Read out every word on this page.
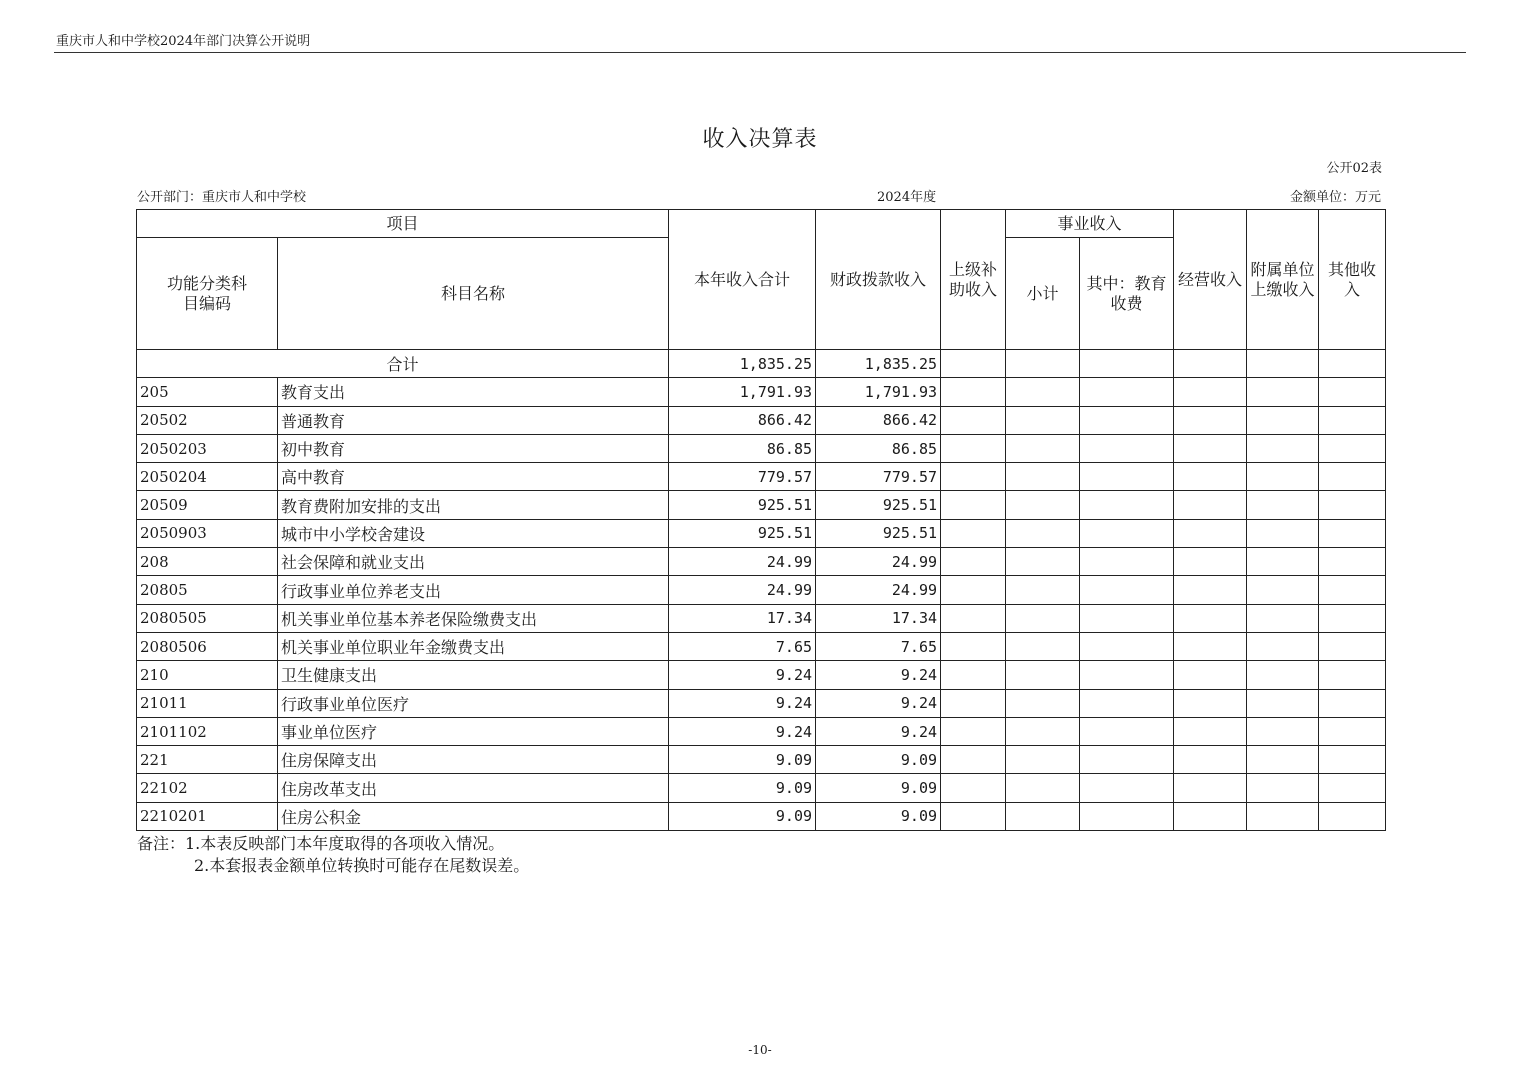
重庆市人和中学校2024年部门决算公开说明
收入决算表
公开02表
公开部门：重庆市人和中学校	2024年度	金额单位：万元
项目		本年收入合计	财政拨款收入	上级补助收入	事业收入		经营收入	附属单位上缴收入	其他收入
功能分类科目编码	科目名称				小计	其中：教育收费			
合计		1,835.25	1,835.25						
205	教育支出	1,791.93	1,791.93						
20502	普通教育	866.42	866.42						
2050203	初中教育	86.85	86.85						
2050204	高中教育	779.57	779.57						
20509	教育费附加安排的支出	925.51	925.51						
2050903	城市中小学校舍建设	925.51	925.51						
208	社会保障和就业支出	24.99	24.99						
20805	行政事业单位养老支出	24.99	24.99						
2080505	机关事业单位基本养老保险缴费支出	17.34	17.34						
2080506	机关事业单位职业年金缴费支出	7.65	7.65						
210	卫生健康支出	9.24	9.24						
21011	行政事业单位医疗	9.24	9.24						
2101102	事业单位医疗	9.24	9.24						
221	住房保障支出	9.09	9.09						
22102	住房改革支出	9.09	9.09						
2210201	住房公积金	9.09	9.09						
备注：1.本表反映部门本年度取得的各项收入情况。
2.本套报表金额单位转换时可能存在尾数误差。
-10-
